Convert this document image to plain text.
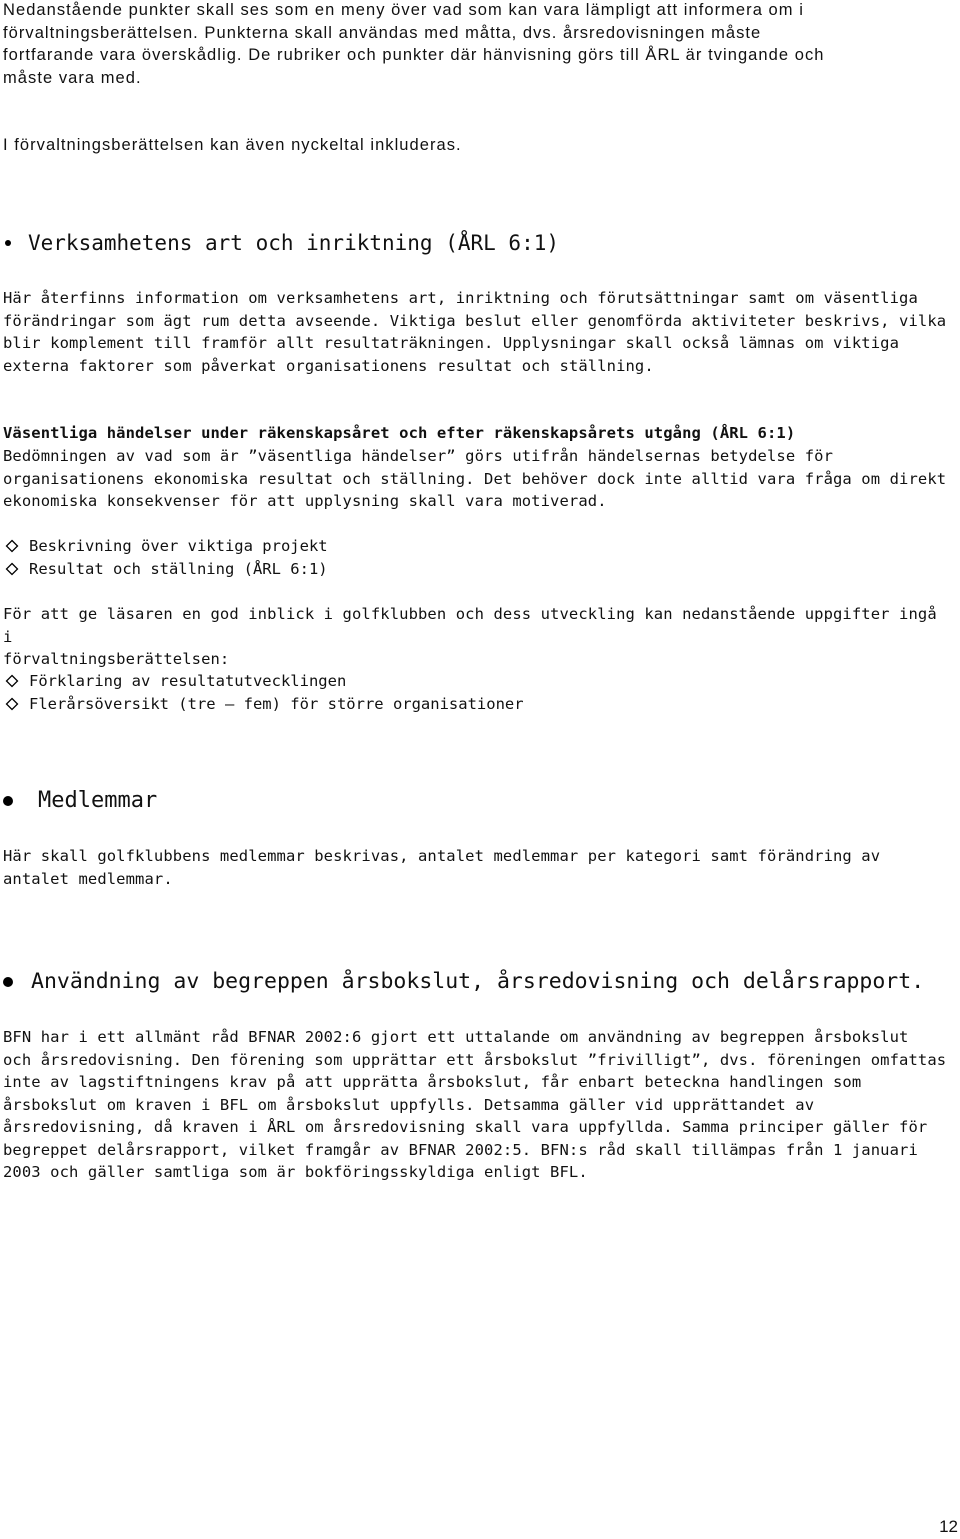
Nedanstående punkter skall ses som en meny över vad som kan vara lämpligt att informera om i
förvaltningsberättelsen. Punkterna skall användas med måtta, dvs. årsredovisningen måste
fortfarande vara överskådlig. De rubriker och punkter där hänvisning görs till ÅRL är tvingande och
måste vara med.
I förvaltningsberättelsen kan även nyckeltal inkluderas.
Verksamhetens art och inriktning (ÅRL 6:1)
Här återfinns information om verksamhetens art, inriktning och förutsättningar samt om väsentliga
förändringar som ägt rum detta avseende. Viktiga beslut eller genomförda aktiviteter beskrivs, vilka
blir komplement till framför allt resultaträkningen. Upplysningar skall också lämnas om viktiga
externa faktorer som påverkat organisationens resultat och ställning.
Väsentliga händelser under räkenskapsåret och efter räkenskapsårets utgång (ÅRL 6:1)
Bedömningen av vad som är ”väsentliga händelser” görs utifrån händelsernas betydelse för
organisationens ekonomiska resultat och ställning. Det behöver dock inte alltid vara fråga om direkt
ekonomiska konsekvenser för att upplysning skall vara motiverad.
Beskrivning över viktiga projekt
Resultat och ställning (ÅRL 6:1)
För att ge läsaren en god inblick i golfklubben och dess utveckling kan nedanstående uppgifter ingå i
förvaltningsberättelsen:
Förklaring av resultatutvecklingen
Flerårsöversikt (tre – fem) för större organisationer
Medlemmar
Här skall golfklubbens medlemmar beskrivas, antalet medlemmar per kategori samt förändring av
antalet medlemmar.
Användning av begreppen årsbokslut, årsredovisning och delårsrapport.
BFN har i ett allmänt råd BFNAR 2002:6 gjort ett uttalande om användning av begreppen årsbokslut
och årsredovisning. Den förening som upprättar ett årsbokslut ”frivilligt”, dvs. föreningen omfattas
inte av lagstiftningens krav på att upprätta årsbokslut, får enbart beteckna handlingen som
årsbokslut om kraven i BFL om årsbokslut uppfylls. Detsamma gäller vid upprättandet av
årsredovisning, då kraven i ÅRL om årsredovisning skall vara uppfyllda. Samma principer gäller för
begreppet delårsrapport, vilket framgår av BFNAR 2002:5. BFN:s råd skall tillämpas från 1 januari
2003 och gäller samtliga som är bokföringsskyldiga enligt BFL.
12
